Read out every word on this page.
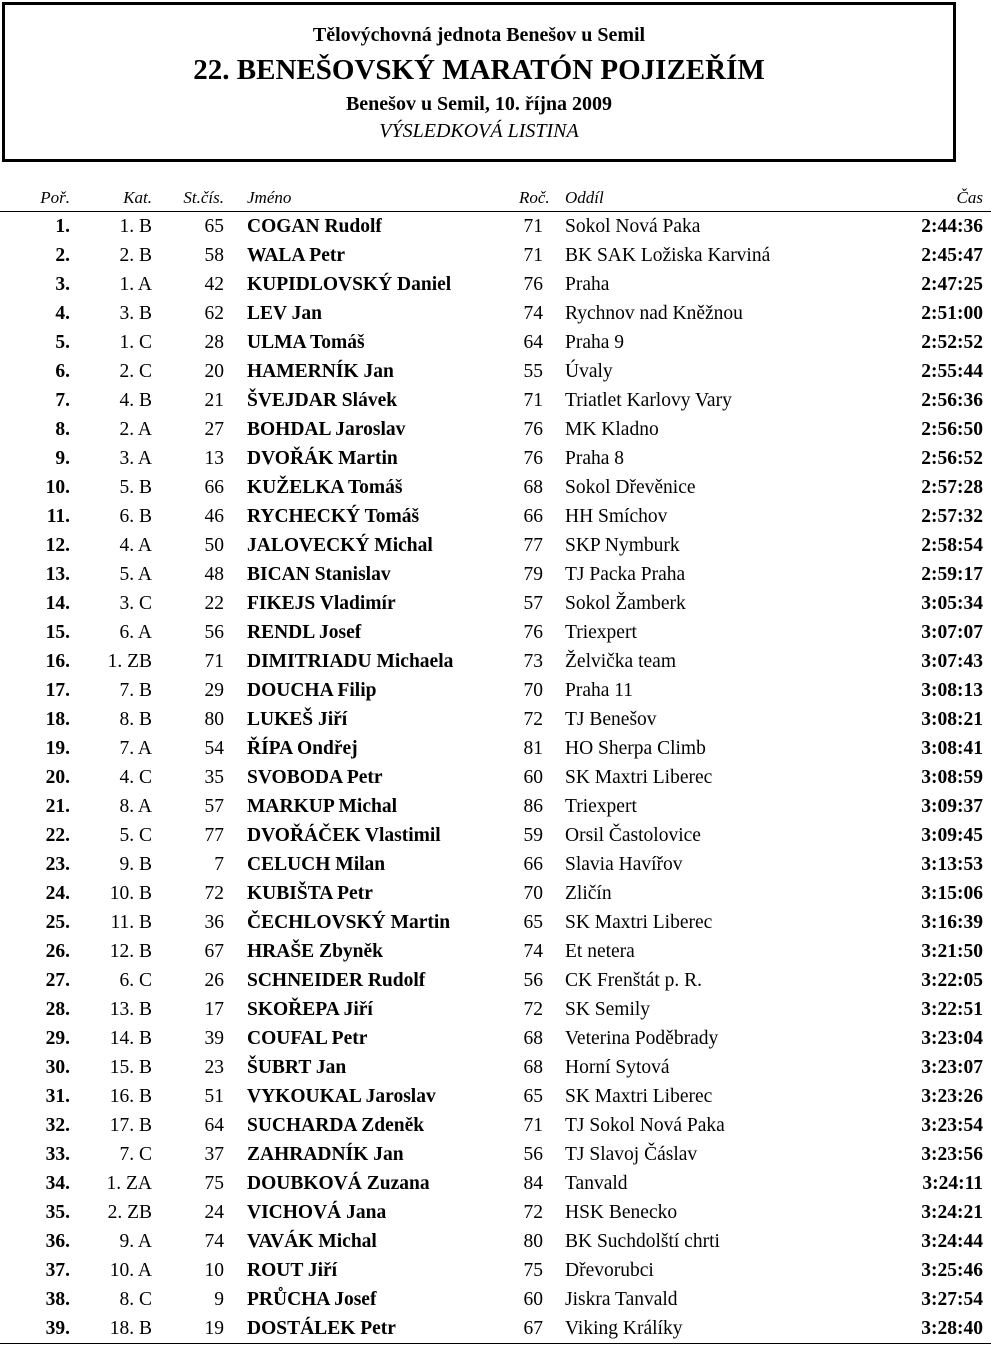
Tělovýchovná jednota Benešov u Semil
22. BENEŠOVSKÝ MARATÓN POJIZEŘÍM
Benešov u Semil, 10. října 2009
VÝSLEDKOVÁ LISTINA
Poř.	Kat.	St.čís.	Jméno	Roč.	Oddíl	Čas
1.	1. B	65	COGAN Rudolf	71	Sokol Nová Paka	2:44:36
2.	2. B	58	WALA Petr	71	BK SAK Ložiska Karviná	2:45:47
3.	1. A	42	KUPIDLOVSKÝ Daniel	76	Praha	2:47:25
4.	3. B	62	LEV Jan	74	Rychnov nad Kněžnou	2:51:00
5.	1. C	28	ULMA Tomáš	64	Praha 9	2:52:52
6.	2. C	20	HAMERNÍK Jan	55	Úvaly	2:55:44
7.	4. B	21	ŠVEJDAR Slávek	71	Triatlet Karlovy Vary	2:56:36
8.	2. A	27	BOHDAL Jaroslav	76	MK Kladno	2:56:50
9.	3. A	13	DVOŘÁK Martin	76	Praha 8	2:56:52
10.	5. B	66	KUŽELKA Tomáš	68	Sokol Dřevěnice	2:57:28
11.	6. B	46	RYCHECKÝ Tomáš	66	HH Smíchov	2:57:32
12.	4. A	50	JALOVECKÝ Michal	77	SKP Nymburk	2:58:54
13.	5. A	48	BICAN Stanislav	79	TJ Packa Praha	2:59:17
14.	3. C	22	FIKEJS Vladimír	57	Sokol Žamberk	3:05:34
15.	6. A	56	RENDL Josef	76	Triexpert	3:07:07
16.	1. ZB	71	DIMITRIADU Michaela	73	Želvička team	3:07:43
17.	7. B	29	DOUCHA Filip	70	Praha 11	3:08:13
18.	8. B	80	LUKEŠ Jiří	72	TJ Benešov	3:08:21
19.	7. A	54	ŘÍPA Ondřej	81	HO Sherpa Climb	3:08:41
20.	4. C	35	SVOBODA Petr	60	SK Maxtri Liberec	3:08:59
21.	8. A	57	MARKUP Michal	86	Triexpert	3:09:37
22.	5. C	77	DVOŘÁČEK Vlastimil	59	Orsil Častolovice	3:09:45
23.	9. B	7	CELUCH Milan	66	Slavia Havířov	3:13:53
24.	10. B	72	KUBIŠTA Petr	70	Zličín	3:15:06
25.	11. B	36	ČECHLOVSKÝ Martin	65	SK Maxtri Liberec	3:16:39
26.	12. B	67	HRAŠE Zbyněk	74	Et netera	3:21:50
27.	6. C	26	SCHNEIDER Rudolf	56	CK Frenštát p. R.	3:22:05
28.	13. B	17	SKOŘEPA Jiří	72	SK Semily	3:22:51
29.	14. B	39	COUFAL Petr	68	Veterina Poděbrady	3:23:04
30.	15. B	23	ŠUBRT Jan	68	Horní Sytová	3:23:07
31.	16. B	51	VYKOUKAL Jaroslav	65	SK Maxtri Liberec	3:23:26
32.	17. B	64	SUCHARDA Zdeněk	71	TJ Sokol Nová Paka	3:23:54
33.	7. C	37	ZAHRADNÍK Jan	56	TJ Slavoj Čáslav	3:23:56
34.	1. ZA	75	DOUBKOVÁ Zuzana	84	Tanvald	3:24:11
35.	2. ZB	24	VICHOVÁ Jana	72	HSK Benecko	3:24:21
36.	9. A	74	VAVÁK Michal	80	BK Suchdolští chrti	3:24:44
37.	10. A	10	ROUT Jiří	75	Dřevorubci	3:25:46
38.	8. C	9	PRŮCHA Josef	60	Jiskra Tanvald	3:27:54
39.	18. B	19	DOSTÁLEK Petr	67	Viking Králíky	3:28:40
